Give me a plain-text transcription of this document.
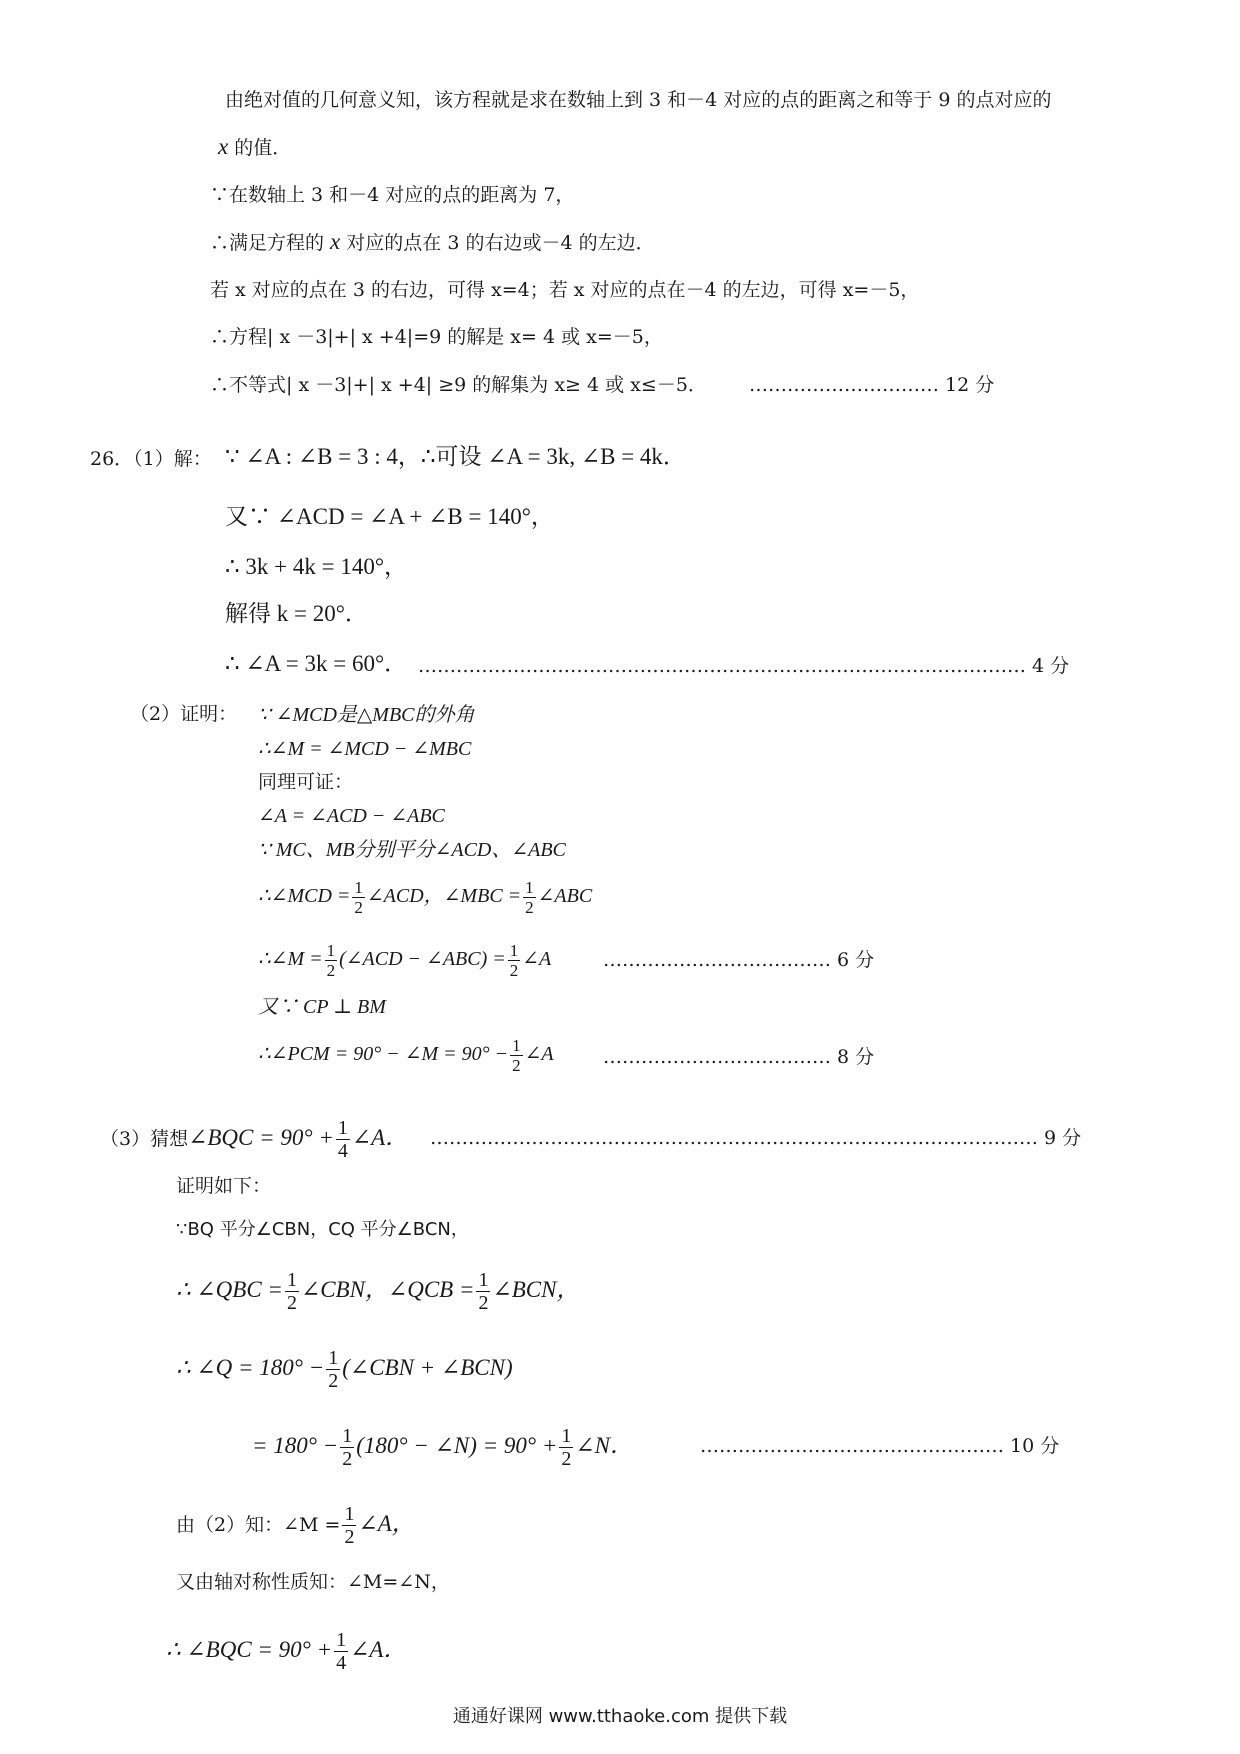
由绝对值的几何意义知，该方程就是求在数轴上到 3 和－4 对应的点的距离之和等于 9 的点对应的
x 的值．
∵在数轴上 3 和－4 对应的点的距离为 7，
∴满足方程的 x 对应的点在 3 的右边或－4 的左边．
若 x 对应的点在 3 的右边，可得 x=4；若 x 对应的点在－4 的左边，可得 x=－5，
∴方程| x －3|+| x +4|=9 的解是 x= 4 或 x=－5，
∴不等式| x －3|+| x +4| ≥9 的解集为 x≥ 4 或 x≤－5． ………………………… 12 分
26．（1）解： ∵ ∠A : ∠B = 3 : 4，∴可设 ∠A = 3k, ∠B = 4k．
又∵ ∠ACD = ∠A + ∠B = 140°，
∴ 3k + 4k = 140°，
解得 k = 20°．
∴ ∠A = 3k = 60°． …………………………………………………………………………………… 4 分
（2）证明： ∵ ∠MCD是△MBC的外角
∴∠M = ∠MCD − ∠MBC
同理可证：
∠A = ∠ACD − ∠ABC
∵ MC、MB分别平分∠ACD、∠ABC
∴∠MCD = $\frac{1}{2}$ ∠ACD，∠MBC = $\frac{1}{2}$ ∠ABC
∴∠M = $\frac{1}{2}$ (∠ACD − ∠ABC) = $\frac{1}{2}$ ∠A	……………………………… 6 分
又∵ CP ⊥ BM
∴∠PCM = 90° − ∠M = $90^\circ - \frac{1}{2}$ ∠A	……………………………… 8 分
（3）猜想∠BQC = $90^\circ + \frac{1}{4}$ ∠A． …………………………………………………………………………………… 9 分
证明如下：
∵BQ 平分∠CBN，CQ 平分∠BCN，
∴ ∠QBC = $\frac{1}{2}$ ∠CBN，∠QCB = $\frac{1}{2}$ ∠BCN，
∴ ∠Q = $180^\circ - \frac{1}{2}$ (∠CBN + ∠BCN)
= $180^\circ - \frac{1}{2} (180^\circ$ − ∠N) = $90^\circ + \frac{1}{2}$ ∠N．	………………………………………… 10 分
由（2）知：∠M = $\frac{1}{2}$ ∠A，
又由轴对称性质知：∠M=∠N，
∴ ∠BQC = $90^\circ + \frac{1}{4}$ ∠A．
通通好课网 www.tthaoke.com 提供下载
